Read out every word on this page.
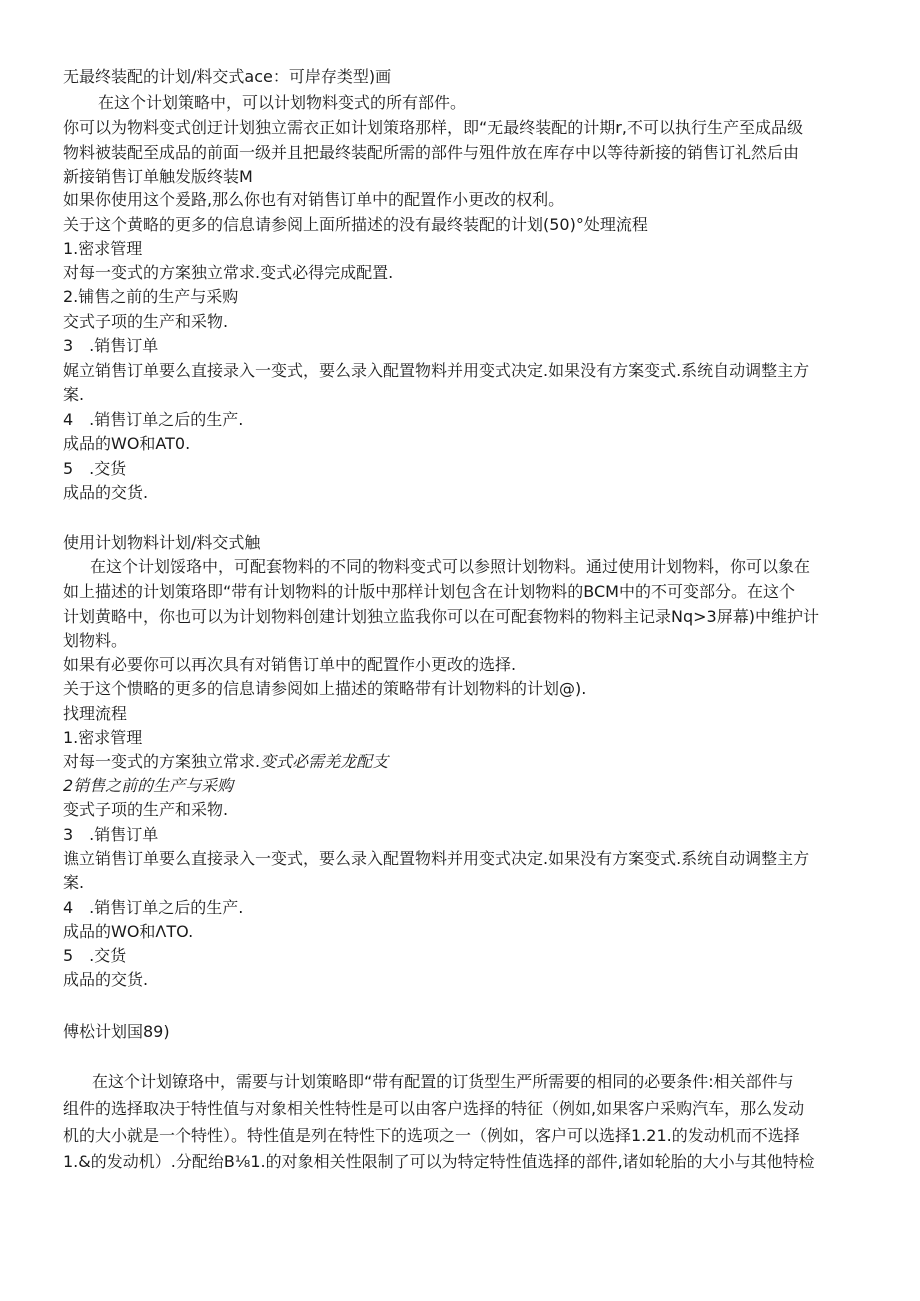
无最终装配的计划/料交式ace：可岸存类型)画
在这个计划策略中，可以计划物料变式的所有部件。
你可以为物料变式创迂计划独立需衣正如计划策珞那样，即“无最终装配的计期r,不可以执行生产至成品级
物料被装配至成品的前面一级并且把最终装配所需的部件与殂件放在库存中以等待新接的销售订礼然后由
新接销售订单触发版终装M
如果你使用这个爰路,那么你也有对销售订单中的配置作小更改的权利。
关于这个黄略的更多的信息请参阅上面所描述的没有最终装配的计划(50)°处理流程
1.密求管理
对每一变式的方案独立常求.变式必得完成配置.
2.铺售之前的生产与采购
交式子项的生产和采物.
3　.销售订单
娓立销售订单要么直接录入一变式，要么录入配置物料并用变式决定.如果没有方案变式.系统自动调整主方
案.
4　.销售订单之后的生产.
成品的WO和AT0.
5　.交货
成品的交货.
使用计划物料计划/料交式触
在这个计划馁珞中，可配套物料的不同的物料变式可以参照计划物料。通过使用计划物料，你可以象在
如上描述的计划策珞即“带有计划物料的计版中那样计划包含在计划物料的BCM中的不可变部分。在这个
计划黄略中，你也可以为计划物料创建计划独立监我你可以在可配套物料的物料主记录Nq>3屏幕)中维护计
划物料。
如果有必要你可以再次具有对销售订单中的配置作小更改的选择.
关于这个愦略的更多的信息请参阅如上描述的策略带有计划物料的计划@).
找理流程
1.密求管理
对每一变式的方案独立常求.变式必需羌龙配支
2销售之前的生产与采购
变式子项的生产和采物.
3　.销售订单
谯立销售订单要么直接录入一变式，要么录入配置物料并用变式决定.如果没有方案变式.系统自动调整主方
案.
4　.销售订单之后的生产.
成品的WO和ΛTO.
5　.交货
成品的交货.
傅松计划国89)
在这个计划镣珞中，需要与计划策略即“带有配置的订货型生严所需要的相同的必要条件:相关部件与
组件的选择取决于特性值与对象相关性特性是可以由客户选择的特征（例如,如果客户采购汽车，那么发动
机的大小就是一个特性）。特性值是列在特性下的选项之一（例如，客户可以选择1.21.的发动机而不选择
1.&的发动机）.分配绐B⅛1.的对象相关性限制了可以为特定特性值选择的部件,诸如轮胎的大小与其他特检
